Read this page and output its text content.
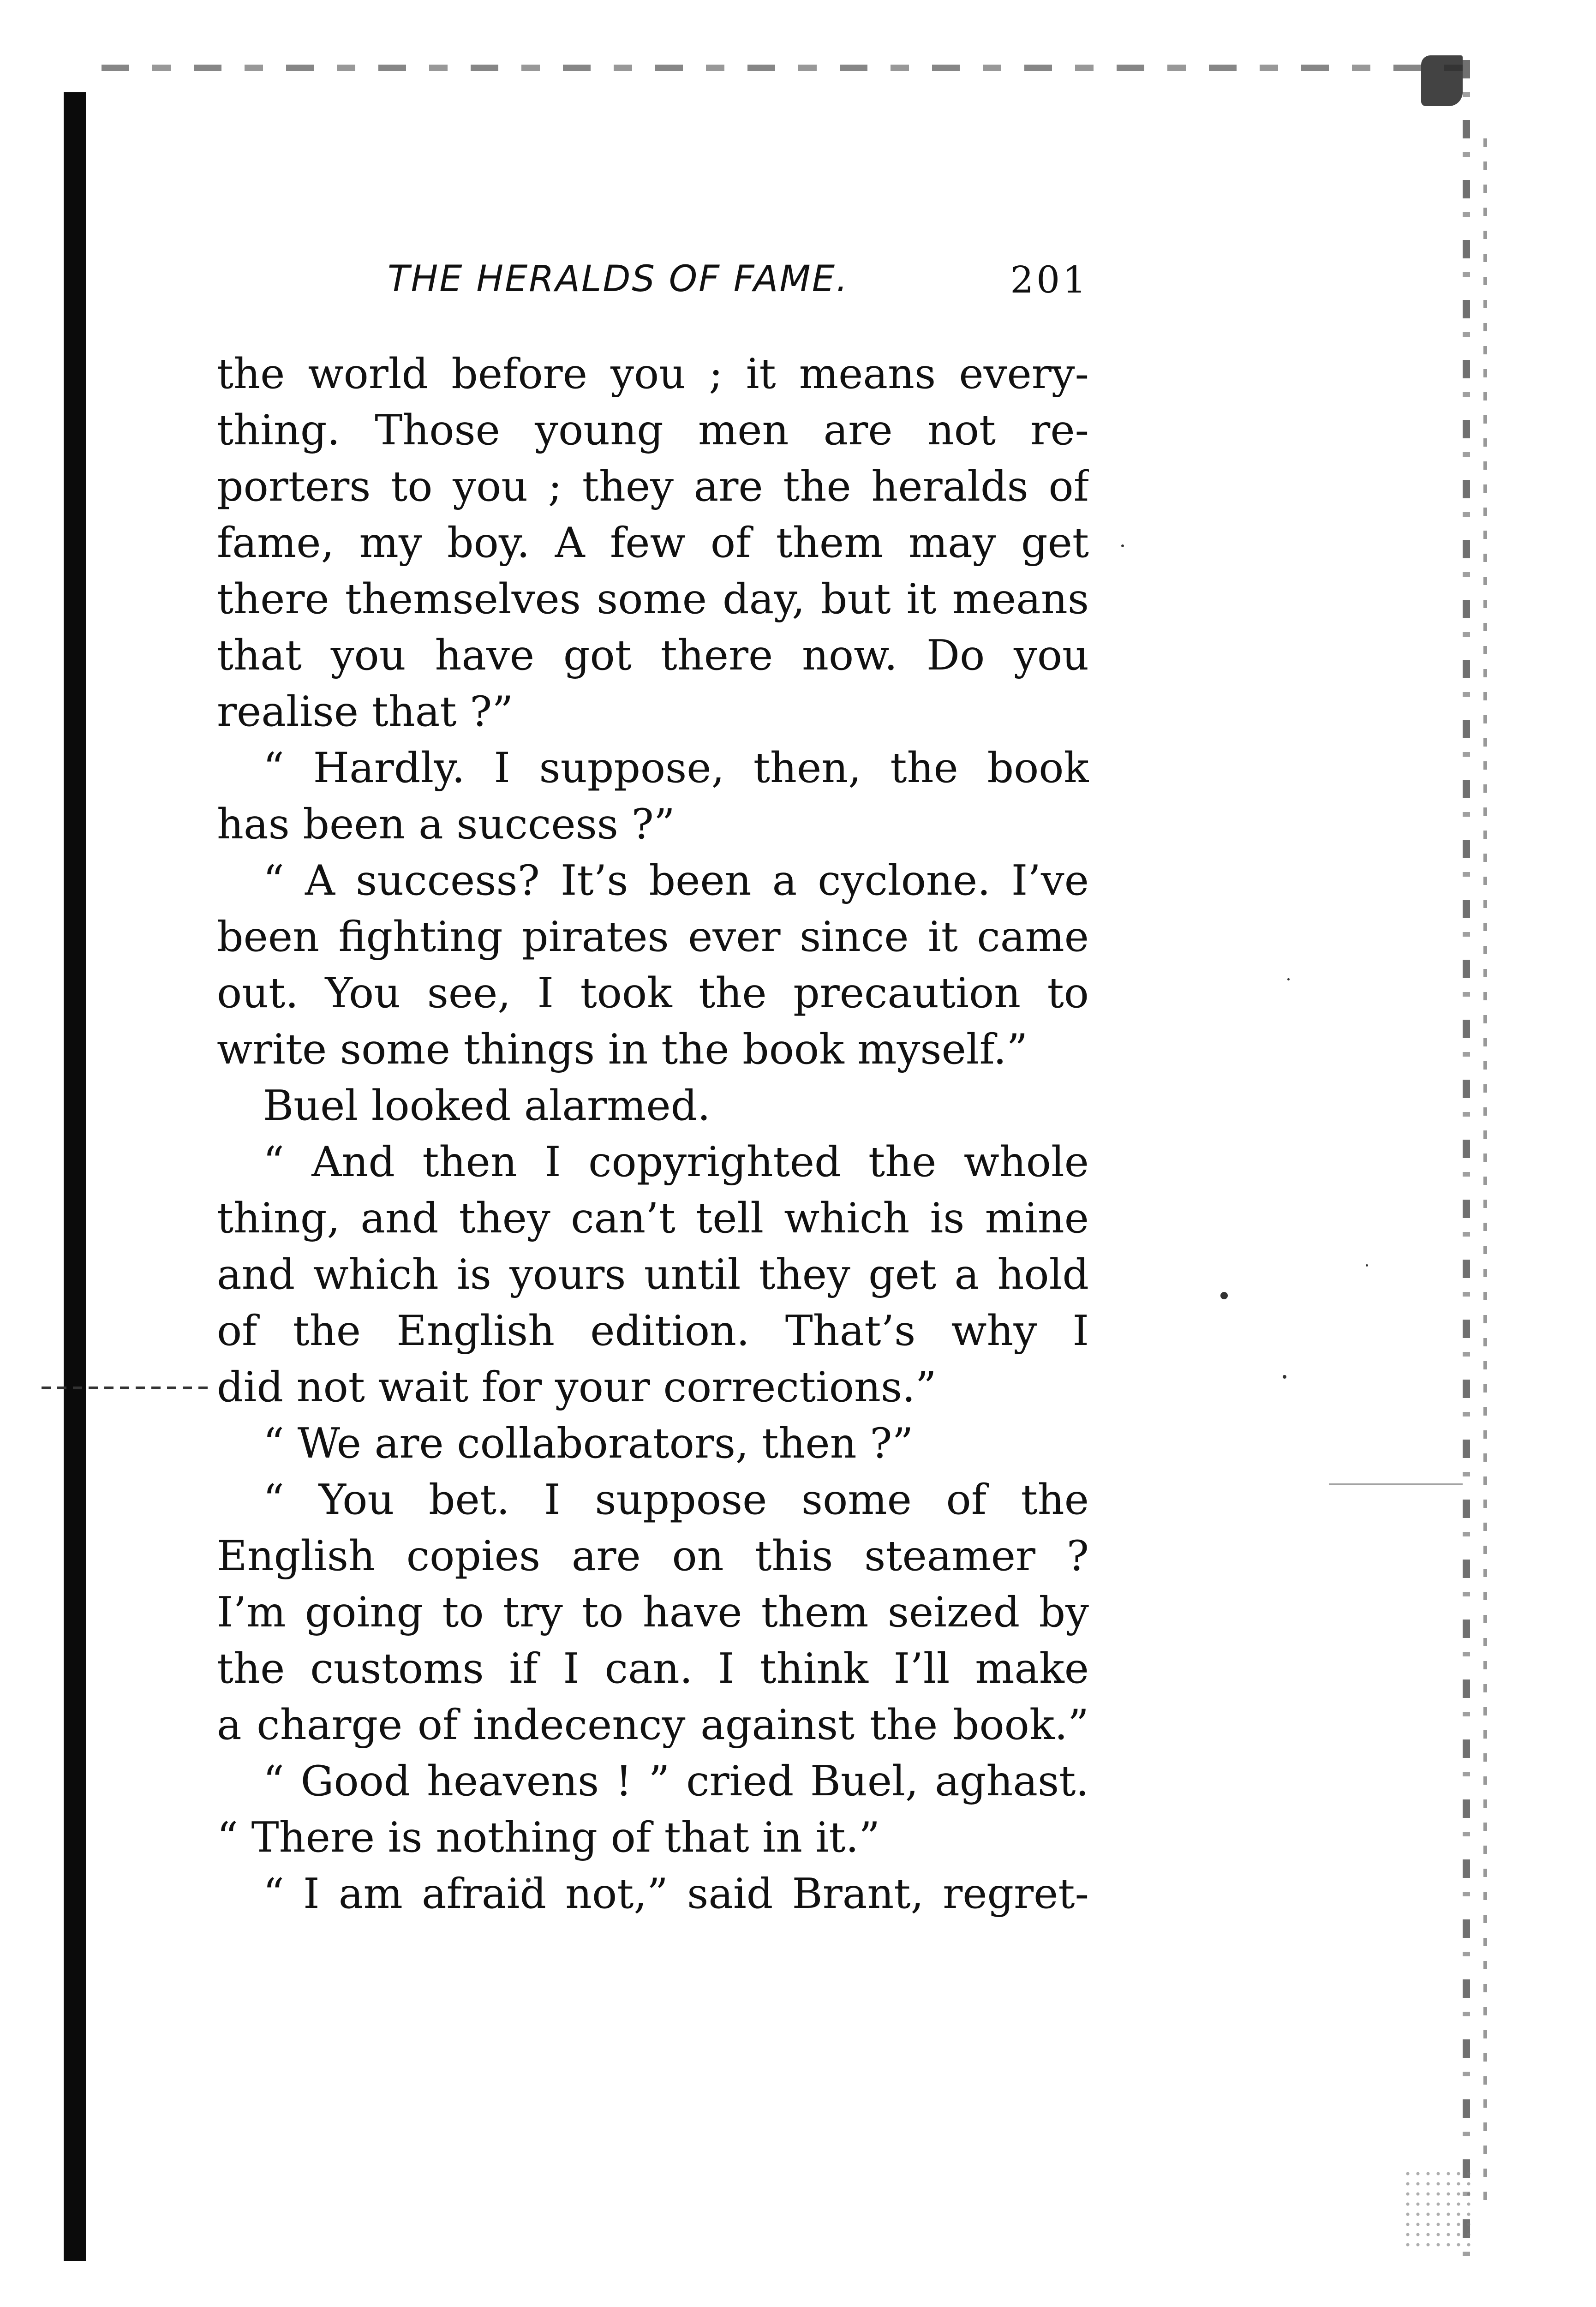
THE HERALDS OF FAME.	201
the world before you ; it means every-
thing. Those young men are not re-
porters to you ; they are the heralds of
fame, my boy. A few of them may get
there themselves some day, but it means
that you have got there now. Do you
realise that ?”
“ Hardly. I suppose, then, the book
has been a success ?”
“ A success? It’s been a cyclone. I’ve
been fighting pirates ever since it came
out. You see, I took the precaution to
write some things in the book myself.”
Buel looked alarmed.
“ And then I copyrighted the whole
thing, and they can’t tell which is mine
and which is yours until they get a hold
of the English edition. That’s why I
did not wait for your corrections.”
“ We are collaborators, then ?”
“ You bet. I suppose some of the
English copies are on this steamer ?
I’m going to try to have them seized by
the customs if I can. I think I’ll make
a charge of indecency against the book.”
“ Good heavens ! ” cried Buel, aghast.
“ There is nothing of that in it.”
“ I am afraid not,” said Brant, regret-
